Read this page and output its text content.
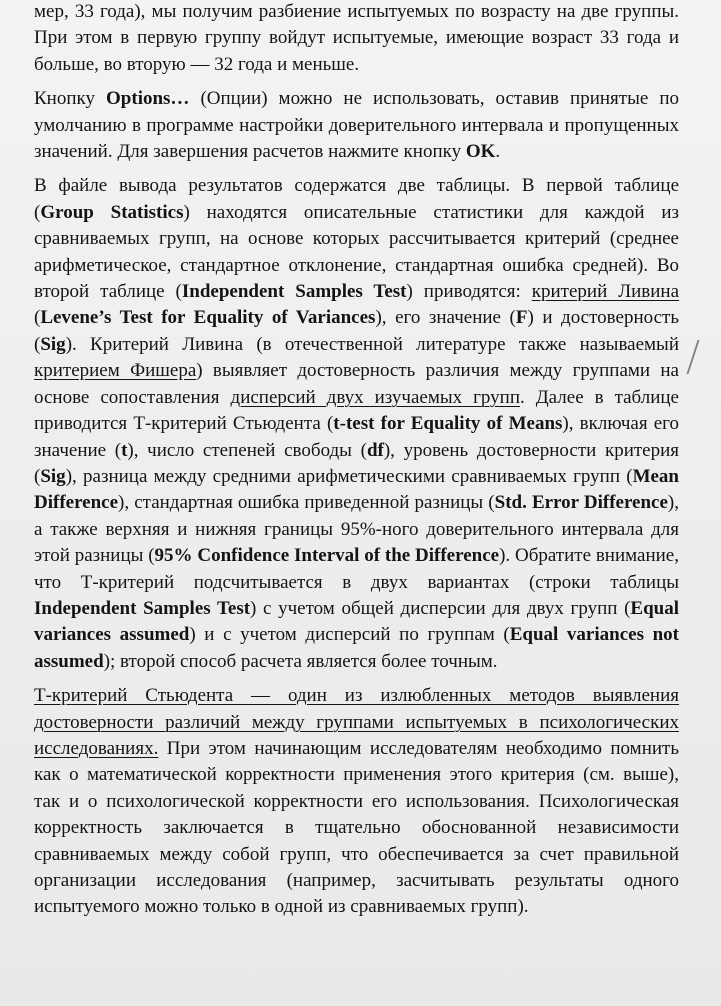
мер, 33 года), мы получим разбиение испытуемых по возрасту на две группы. При этом в первую группу войдут испытуемые, имеющие возраст 33 года и больше, во вторую — 32 года и меньше.

Кнопку Options… (Опции) можно не использовать, оставив принятые по умолчанию в программе настройки доверительного интервала и пропущенных значений. Для завершения расчетов нажмите кнопку OK.

В файле вывода результатов содержатся две таблицы. В первой таблице (Group Statistics) находятся описательные статистики для каждой из сравниваемых групп, на основе которых рассчитывается критерий (среднее арифметическое, стандартное отклонение, стандартная ошибка средней). Во второй таблице (Independent Samples Test) приводятся: критерий Ливина (Levene’s Test for Equality of Variances), его значение (F) и достоверность (Sig). Критерий Ливина (в отечественной литературе также называемый критерием Фишера) выявляет достоверность различия между группами на основе сопоставления дисперсий двух изучаемых групп. Далее в таблице приводится Т-критерий Стьюдента (t-test for Equality of Means), включая его значение (t), число степеней свободы (df), уровень достоверности критерия (Sig), разница между средними арифметическими сравниваемых групп (Mean Difference), стандартная ошибка приведенной разницы (Std. Error Difference), а также верхняя и нижняя границы 95%-ного доверительного интервала для этой разницы (95% Confidence Interval of the Difference). Обратите внимание, что Т-критерий подсчитывается в двух вариантах (строки таблицы Independent Samples Test) с учетом общей дисперсии для двух групп (Equal variances assumed) и с учетом дисперсий по группам (Equal variances not assumed); второй способ расчета является более точным.

Т-критерий Стьюдента — один из излюбленных методов выявления достоверности различий между группами испытуемых в психологических исследованиях. При этом начинающим исследователям необходимо помнить как о математической корректности применения этого критерия (см. выше), так и о психологической корректности его использования. Психологическая корректность заключается в тщательно обоснованной независимости сравниваемых между собой групп, что обеспечивается за счет правильной организации исследования (например, засчитывать результаты одного испытуемого можно только в одной из сравниваемых групп).
